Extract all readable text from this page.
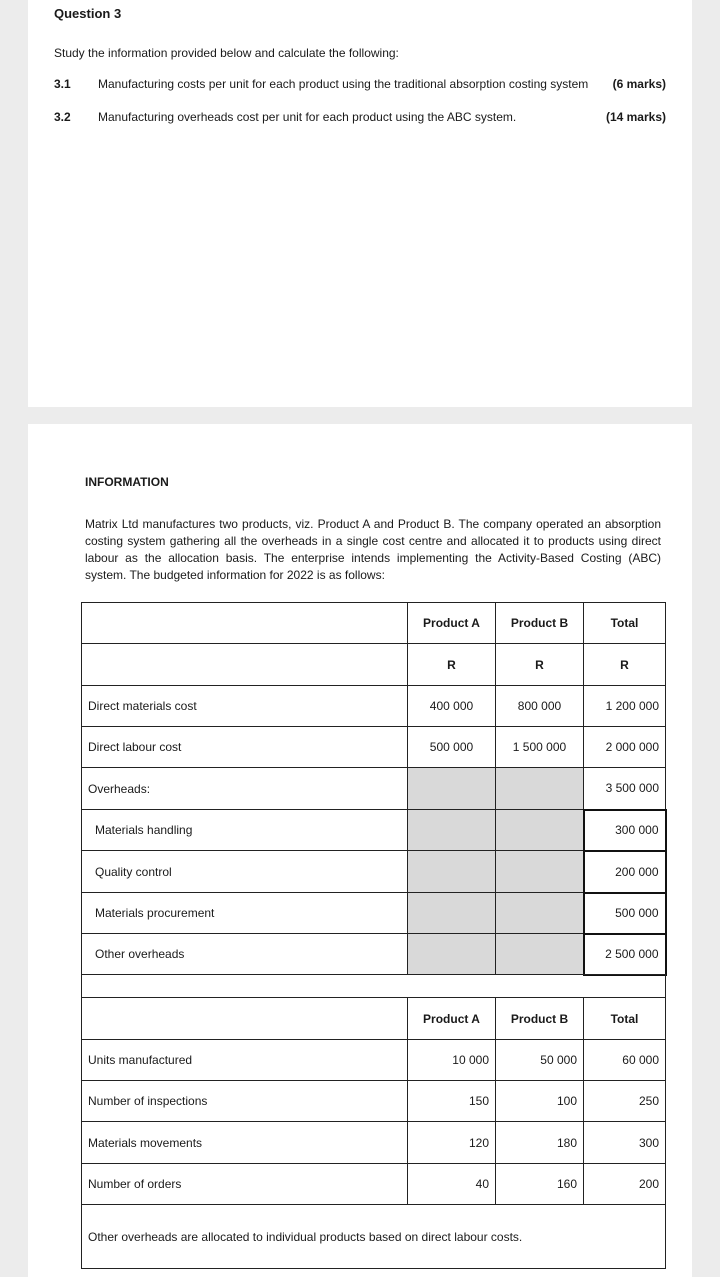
Question 3
Study the information provided below and calculate the following:
3.1 Manufacturing costs per unit for each product using the traditional absorption costing system (6 marks)
3.2 Manufacturing overheads cost per unit for each product using the ABC system.	(14 marks)
INFORMATION
Matrix Ltd manufactures two products, viz. Product A and Product B. The company operated an absorption costing system gathering all the overheads in a single cost centre and allocated it to products using direct labour as the allocation basis. The enterprise intends implementing the Activity-Based Costing (ABC) system. The budgeted information for 2022 is as follows:
	Product A	Product B	Total
	R	R	R
Direct materials cost	400 000	800 000	1 200 000
Direct labour cost	500 000	1 500 000	2 000 000
Overheads:			3 500 000
Materials handling			300 000
Quality control			200 000
Materials procurement			500 000
Other overheads			2 500 000

	Product A	Product B	Total
Units manufactured	10 000	50 000	60 000
Number of inspections	150	100	250
Materials movements	120	180	300
Number of orders	40	160	200
Other overheads are allocated to individual products based on direct labour costs.			
